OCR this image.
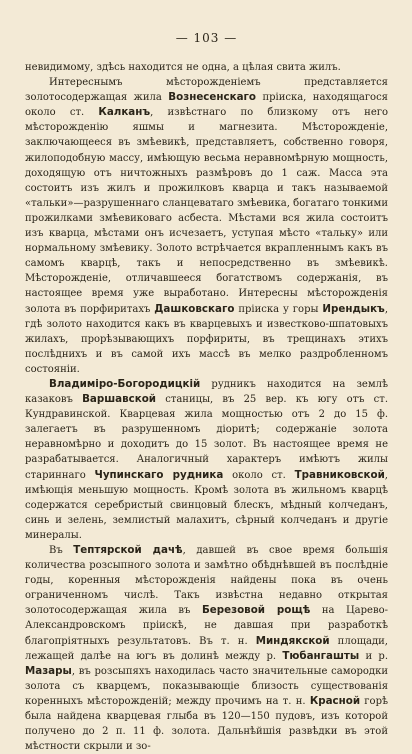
— 103 —

невидимому, здѣсь находится не одна, а цѣлая свита жилъ.

Интереснымъ мѣсторожденіемъ представляется золотосодержащая жила Вознесенскаго прiиска, находящагося около ст. Калканъ, извѣстнаго по близкому отъ него мѣсторожденію яшмы и магнезита. Мѣсторожденіе, заключающееся въ змѣевикѣ, представляетъ, собственно говоря, жилоподобную массу, имѣющую весьма неравномѣрную мощность, доходящую отъ ничтожныхъ размѣровъ до 1 саж. Масса эта состоитъ изъ жилъ и прожилковъ кварца и такъ называемой «тальки»—разрушеннаго сланцеватаго змѣевика, богатаго тонкими прожилками змѣевиковаго асбеста. Мѣстами вся жила состоитъ изъ кварца, мѣстами онъ исчезаетъ, уступая мѣсто «тальку» или нормальному змѣевику. Золото встрѣчается вкрапленнымъ какъ въ самомъ кварцѣ, такъ и непосредственно въ змѣевикѣ. Мѣсторожденіе, отличавшееся богатствомъ содержанія, въ настоящее время уже выработано. Интересны мѣсторожденія золота въ порфиритахъ Дашковскаго прiиска у горы Ирендыкъ, гдѣ золото находится какъ въ кварцевыхъ и известково-шпатовыхъ жилахъ, прорѣзывающихъ порфириты, въ трещинахъ этихъ послѣднихъ и въ самой ихъ массѣ въ мелко раздробленномъ состояніи.

Владиміро-Богородицкій рудникъ находится на землѣ казаковъ Варшавской станицы, въ 25 вер. къ югу отъ ст. Кундравинской. Кварцевая жила мощностью отъ 2 до 15 ф. залегаетъ въ разрушенномъ діоритѣ; содержаніе золота неравномѣрно и доходитъ до 15 золот. Въ настоящее время не разрабатывается. Аналогичный характеръ имѣютъ жилы стариннаго Чупинскаго рудника около ст. Травниковской, имѣющія меньшую мощность. Кромѣ золота въ жильномъ кварцѣ содержатся серебристый свинцовый блескъ, мѣдный колчеданъ, синь и зелень, землистый малахитъ, сѣрный колчеданъ и другіе минералы.

Въ Тептярской дачѣ, давшей въ свое время большія количества розсыпного золота и замѣтно обѣднѣвшей въ послѣдніе годы, коренныя мѣсторожденія найдены пока въ очень ограниченномъ числѣ. Такъ извѣстна недавно открытая золотосодержащая жила въ Березовой рощѣ на Царево-Александровскомъ прiискѣ, не давшая при разработкѣ благопріятныхъ результатовъ. Въ т. н. Миндякской площади, лежащей далѣе на югъ въ долинѣ между р. Тюбангашты и р. Мазары, въ розсыпяхъ находилась часто значительные самородки золота съ кварцемъ, показывающіе близость существованія коренныхъ мѣсторожденій; между прочимъ на т. н. Красной горѣ была найдена кварцевая глыба въ 120—150 пудовъ, изъ которой получено до 2 п. 11 ф. золота. Дальнѣйшія развѣдки въ этой мѣстности скрыли и зо-
